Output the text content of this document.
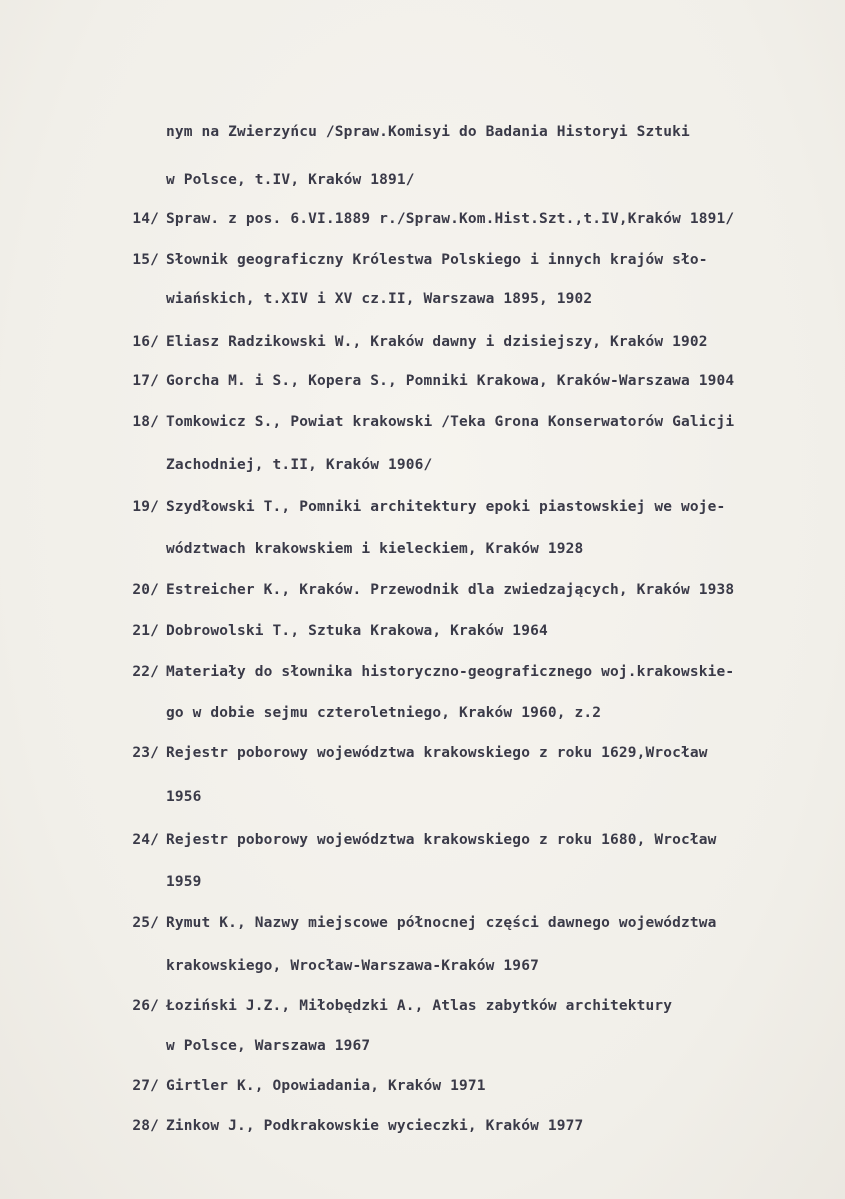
nym na Zwierzyńcu /Spraw.Komisyi do Badania Historyi Sztuki
w Polsce, t.IV, Kraków 1891/
14/ Spraw. z pos. 6.VI.1889 r./Spraw.Kom.Hist.Szt.,t.IV,Kraków 1891/
15/ Słownik geograficzny Królestwa Polskiego i innych krajów sło-
wiańskich, t.XIV i XV cz.II, Warszawa 1895, 1902
16/ Eliasz Radzikowski W., Kraków dawny i dzisiejszy, Kraków 1902
17/ Gorcha M. i S., Kopera S., Pomniki Krakowa, Kraków-Warszawa 1904
18/ Tomkowicz S., Powiat krakowski /Teka Grona Konserwatorów Galicji
Zachodniej, t.II, Kraków 1906/
19/ Szydłowski T., Pomniki architektury epoki piastowskiej we woje-
wództwach krakowskiem i kieleckiem, Kraków 1928
20/ Estreicher K., Kraków. Przewodnik dla zwiedzających, Kraków 1938
21/ Dobrowolski T., Sztuka Krakowa, Kraków 1964
22/ Materiały do słownika historyczno-geograficznego woj.krakowskie-
go w dobie sejmu czteroletniego, Kraków 1960, z.2
23/ Rejestr poborowy województwa krakowskiego z roku 1629,Wrocław
1956
24/ Rejestr poborowy województwa krakowskiego z roku 1680, Wrocław
1959
25/ Rymut K., Nazwy miejscowe północnej części dawnego województwa
krakowskiego, Wrocław-Warszawa-Kraków 1967
26/ Łoziński J.Z., Miłobędzki A., Atlas zabytków architektury
w Polsce, Warszawa 1967
27/ Girtler K., Opowiadania, Kraków 1971
28/ Zinkow J., Podkrakowskie wycieczki, Kraków 1977
